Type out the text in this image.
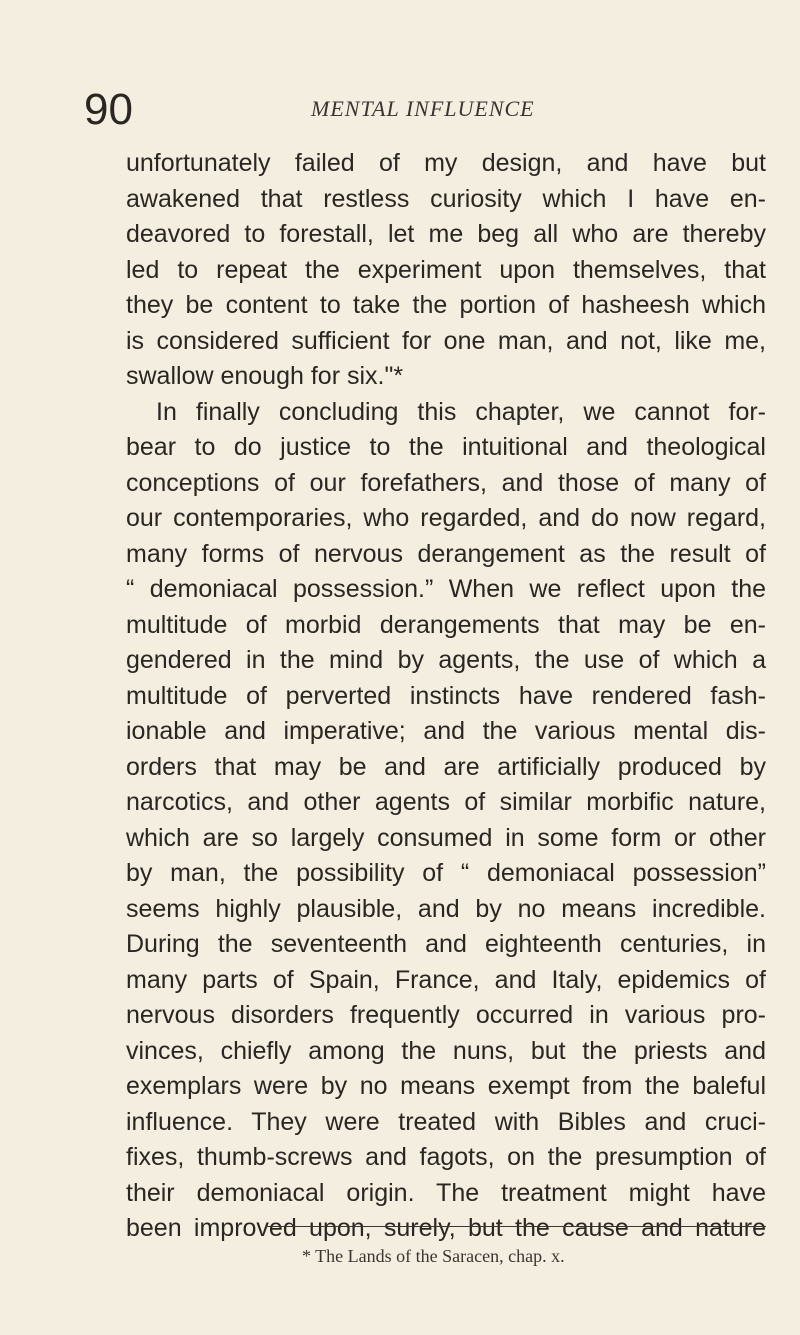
90	MENTAL INFLUENCE
unfortunately failed of my design, and have but
awakened that restless curiosity which I have en-
deavored to forestall, let me beg all who are thereby
led to repeat the experiment upon themselves, that
they be content to take the portion of hasheesh which
is considered sufficient for one man, and not, like me,
swallow enough for six."*
In finally concluding this chapter, we cannot for-
bear to do justice to the intuitional and theological
conceptions of our forefathers, and those of many of
our contemporaries, who regarded, and do now regard,
many forms of nervous derangement as the result of
“ demoniacal possession.” When we reflect upon the
multitude of morbid derangements that may be en-
gendered in the mind by agents, the use of which a
multitude of perverted instincts have rendered fash-
ionable and imperative; and the various mental dis-
orders that may be and are artificially produced by
narcotics, and other agents of similar morbific nature,
which are so largely consumed in some form or other
by man, the possibility of “ demoniacal possession”
seems highly plausible, and by no means incredible.
During the seventeenth and eighteenth centuries, in
many parts of Spain, France, and Italy, epidemics of
nervous disorders frequently occurred in various pro-
vinces, chiefly among the nuns, but the priests and
exemplars were by no means exempt from the baleful
influence. They were treated with Bibles and cruci-
fixes, thumb-screws and fagots, on the presumption of
their demoniacal origin. The treatment might have
been improved upon, surely, but the cause and nature
* The Lands of the Saracen, chap. x.
